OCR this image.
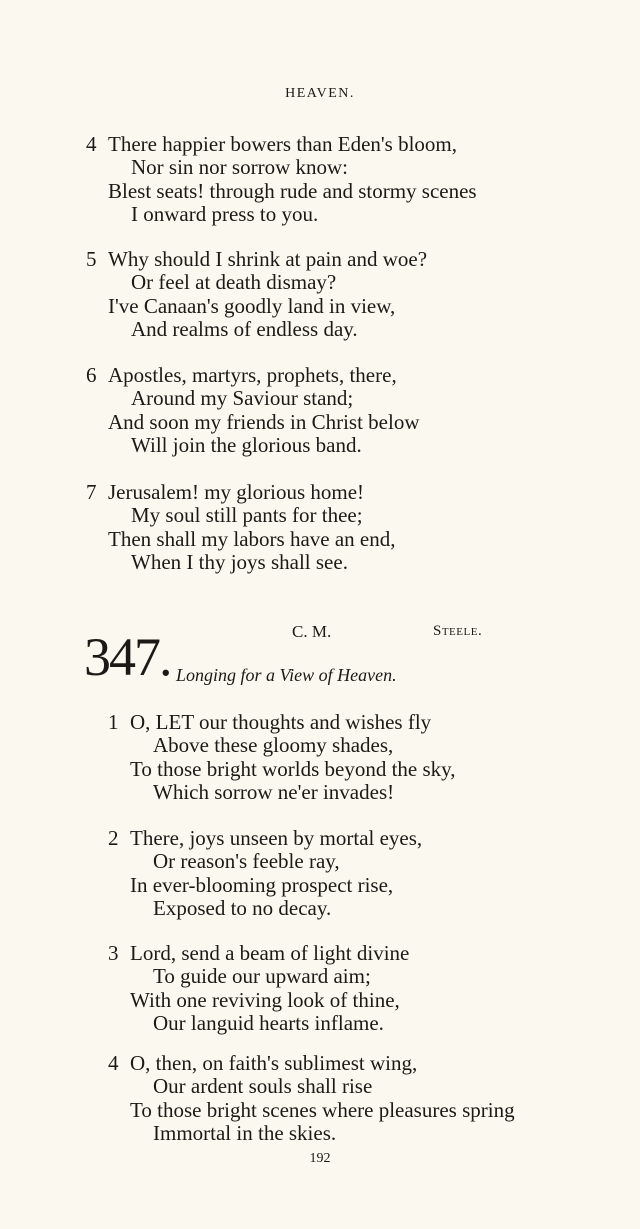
HEAVEN.
4 There happier bowers than Eden's bloom,
Nor sin nor sorrow know:
Blest seats! through rude and stormy scenes
I onward press to you.
5 Why should I shrink at pain and woe?
Or feel at death dismay?
I've Canaan's goodly land in view,
And realms of endless day.
6 Apostles, martyrs, prophets, there,
Around my Saviour stand;
And soon my friends in Christ below
Will join the glorious band.
7 Jerusalem! my glorious home!
My soul still pants for thee;
Then shall my labors have an end,
When I thy joys shall see.
347.	C. M.	Steele.
Longing for a View of Heaven.
1 O, LET our thoughts and wishes fly
Above these gloomy shades,
To those bright worlds beyond the sky,
Which sorrow ne'er invades!
2 There, joys unseen by mortal eyes,
Or reason's feeble ray,
In ever-blooming prospect rise,
Exposed to no decay.
3 Lord, send a beam of light divine
To guide our upward aim;
With one reviving look of thine,
Our languid hearts inflame.
4 O, then, on faith's sublimest wing,
Our ardent souls shall rise
To those bright scenes where pleasures spring
Immortal in the skies.
192
